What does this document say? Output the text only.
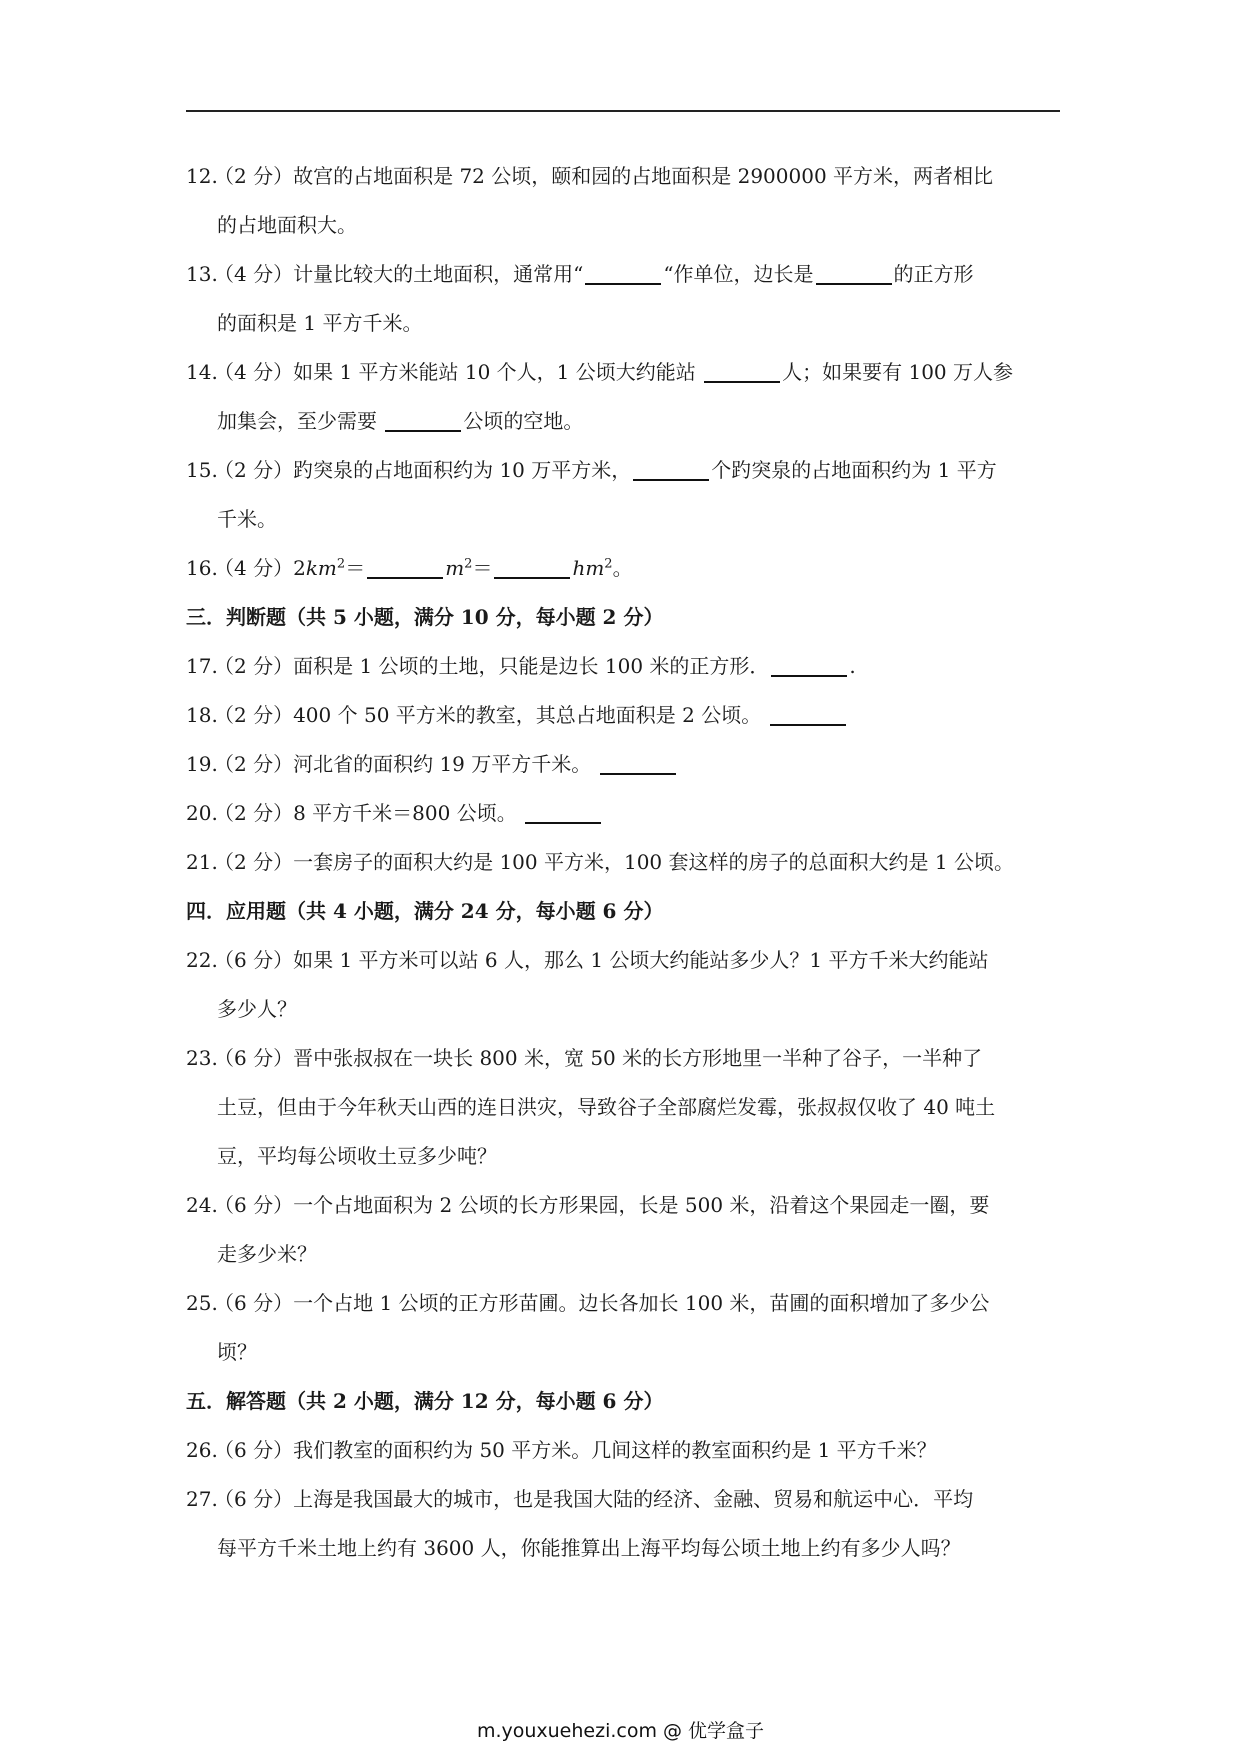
12.（2 分）故宫的占地面积是 72 公顷，颐和园的占地面积是 2900000 平方米，两者相比
的占地面积大。
13.（4 分）计量比较大的土地面积，通常用“	“作单位，边长是	的正方形
的面积是 1 平方千米。
14.（4 分）如果 1 平方米能站 10 个人，1 公顷大约能站	人；如果要有 100 万人参
加集会，至少需要	公顷的空地。
15.（2 分）趵突泉的占地面积约为 10 万平方米，	个趵突泉的占地面积约为 1 平方
千米。
16.（4 分）$2km^2=$	$m^2=$	$hm^2$。
三．判断题（共 5 小题，满分 10 分，每小题 2 分）
17.（2 分）面积是 1 公顷的土地，只能是边长 100 米的正方形．	.
18.（2 分）400 个 50 平方米的教室，其总占地面积是 2 公顷。
19.（2 分）河北省的面积约 19 万平方千米。
20.（2 分）8 平方千米＝800 公顷。
21.（2 分）一套房子的面积大约是 100 平方米，100 套这样的房子的总面积大约是 1 公顷。
四．应用题（共 4 小题，满分 24 分，每小题 6 分）
22.（6 分）如果 1 平方米可以站 6 人，那么 1 公顷大约能站多少人？1 平方千米大约能站
多少人？
23.（6 分）晋中张叔叔在一块长 800 米，宽 50 米的长方形地里一半种了谷子，一半种了
土豆，但由于今年秋天山西的连日洪灾，导致谷子全部腐烂发霉，张叔叔仅收了 40 吨土
豆，平均每公顷收土豆多少吨？
24.（6 分）一个占地面积为 2 公顷的长方形果园，长是 500 米，沿着这个果园走一圈，要
走多少米？
25.（6 分）一个占地 1 公顷的正方形苗圃。边长各加长 100 米，苗圃的面积增加了多少公
顷？
五．解答题（共 2 小题，满分 12 分，每小题 6 分）
26.（6 分）我们教室的面积约为 50 平方米。几间这样的教室面积约是 1 平方千米？
27.（6 分）上海是我国最大的城市，也是我国大陆的经济、金融、贸易和航运中心．平均
每平方千米土地上约有 3600 人，你能推算出上海平均每公顷土地上约有多少人吗？
m.youxuehezi.com @ 优学盒子
